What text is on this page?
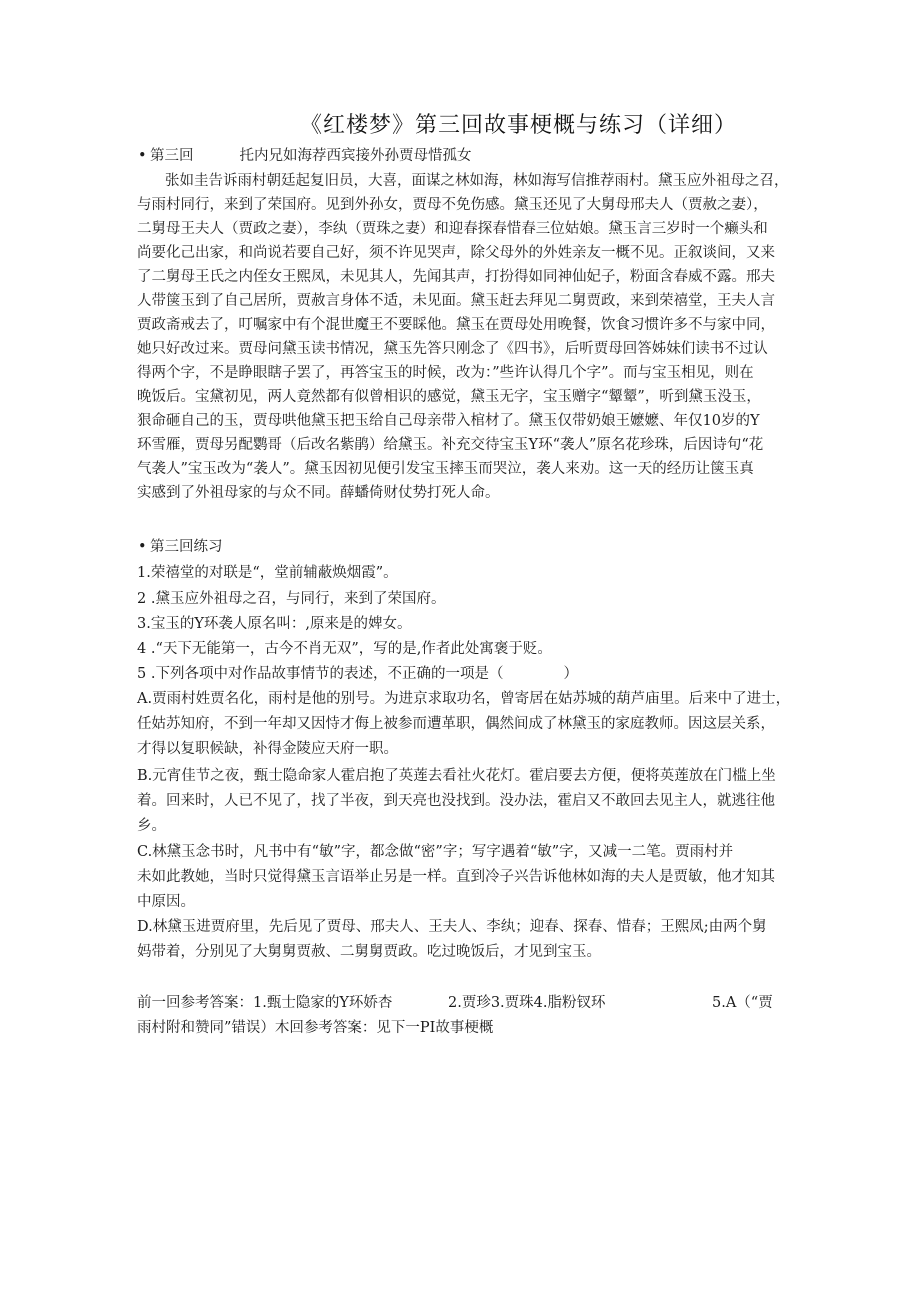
《红楼梦》第三回故事梗概与练习（详细）
• 第三回	托内兄如海荐西宾接外孙贾母惜孤女
张如圭告诉雨村朝廷起复旧员，大喜，面谋之林如海，林如海写信推荐雨村。黛玉应外祖母之召，
与雨村同行，来到了荣国府。见到外孙女，贾母不免伤感。黛玉还见了大舅母邢夫人（贾赦之妻），
二舅母王夫人（贾政之妻），李纨（贾珠之妻）和迎春探春惜春三位姑娘。黛玉言三岁时一个癞头和
尚要化己出家，和尚说若要自己好，须不许见哭声，除父母外的外姓亲友一概不见。正叙谈间，又来
了二舅母王氏之内侄女王熙凤，未见其人，先闻其声，打扮得如同神仙妃子，粉面含春威不露。邢夫
人带箧玉到了自己居所，贾赦言身体不适，未见面。黛玉赶去拜见二舅贾政，来到荣禧堂，王夫人言
贾政斋戒去了，叮嘱家中有个混世魔王不要睬他。黛玉在贾母处用晚餐，饮食习惯许多不与家中同，
她只好改过来。贾母问黛玉读书情况，黛玉先答只刚念了《四书》，后听贾母回答姊妹们读书不过认
得两个字，不是睁眼瞎子罢了，再答宝玉的时候，改为：”些许认得几个字”。而与宝玉相见，则在
晚饭后。宝黛初见，两人竟然都有似曾相识的感觉，黛玉无字，宝玉赠字“颦颦”，听到黛玉没玉，
狠命砸自己的玉，贾母哄他黛玉把玉给自己母亲带入棺材了。黛玉仅带奶娘王嬷嬷、年仅10岁的Y
环雪雁，贾母另配鹦哥（后改名紫鹃）给黛玉。补充交待宝玉Y环“袭人”原名花珍珠，后因诗句“花
气袭人”宝玉改为“袭人”。黛玉因初见便引发宝玉摔玉而哭泣，袭人来劝。这一天的经历让箧玉真
实感到了外祖母家的与众不同。薛蟠倚财仗势打死人命。
• 第三回练习
1.荣禧堂的对联是“，堂前辅蔽焕烟霞”。
2 .黛玉应外祖母之召，与同行，来到了荣国府。
3.宝玉的Y环袭人原名叫：,原来是的婢女。
4 .“天下无能第一，古今不肖无双”，写的是,作者此处寓褒于贬。
5 .下列各项中对作品故事情节的表述，不正确的一项是（	）
A.贾雨村姓贾名化，雨村是他的别号。为进京求取功名，曾寄居在姑苏城的葫芦庙里。后来中了进士，
任姑苏知府，不到一年却又因恃才侮上被参而遭革职，偶然间成了林黛玉的家庭教师。因这层关系，
才得以复职候缺，补得金陵应天府一职。
B.元宵佳节之夜，甄士隐命家人霍启抱了英莲去看社火花灯。霍启要去方便，便将英莲放在门槛上坐
着。回来时，人已不见了，找了半夜，到天亮也没找到。没办法，霍启又不敢回去见主人，就逃往他
乡。
C.林黛玉念书时，凡书中有“敏”字，都念做“密”字；写字遇着“敏”字，又减一二笔。贾雨村并
未如此教她，当时只觉得黛玉言语举止另是一样。直到冷子兴告诉他林如海的夫人是贾敏，他才知其
中原因。
D.林黛玉进贾府里，先后见了贾母、邢夫人、王夫人、李纨；迎春、探春、惜春；王熙凤;由两个舅
妈带着，分别见了大舅舅贾赦、二舅舅贾政。吃过晚饭后，才见到宝玉。
前一回参考答案：1.甄士隐家的Y环娇杏	2.贾珍3.贾珠4.脂粉钗环	5.A（“贾
雨村附和赞同”错误）木回参考答案：见下一PI故事梗概
